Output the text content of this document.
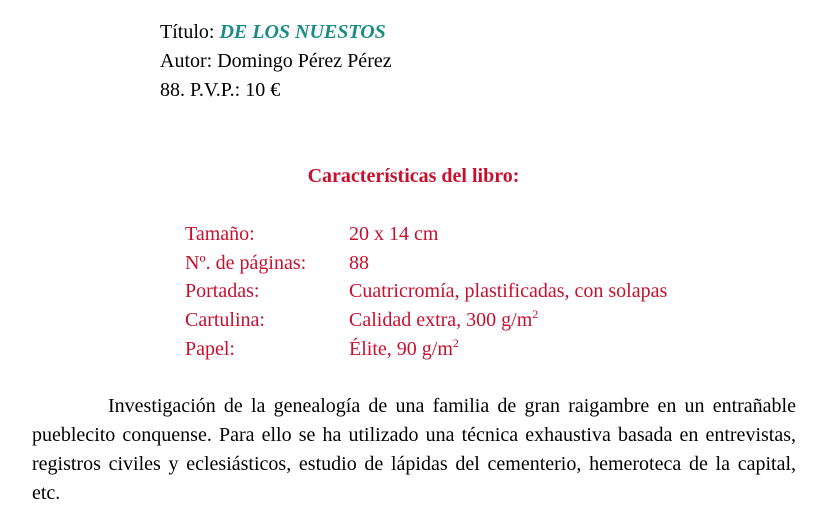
Título: DE LOS NUESTOS
Autor: Domingo Pérez Pérez
88. P.V.P.: 10 €
Características del libro:
Tamaño:	20 x 14 cm
Nº. de páginas: 88
Portadas:	Cuatricromía, plastificadas, con solapas
Cartulina:	Calidad extra, 300 $g/m^2$
Papel:	Élite, 90 $g/m^2$
Investigación de la genealogía de una familia de gran raigambre en un entrañable pueblecito conquense. Para ello se ha utilizado una técnica exhaustiva basada en entrevistas, registros civiles y eclesiásticos, estudio de lápidas del cementerio, hemeroteca de la capital, etc.
